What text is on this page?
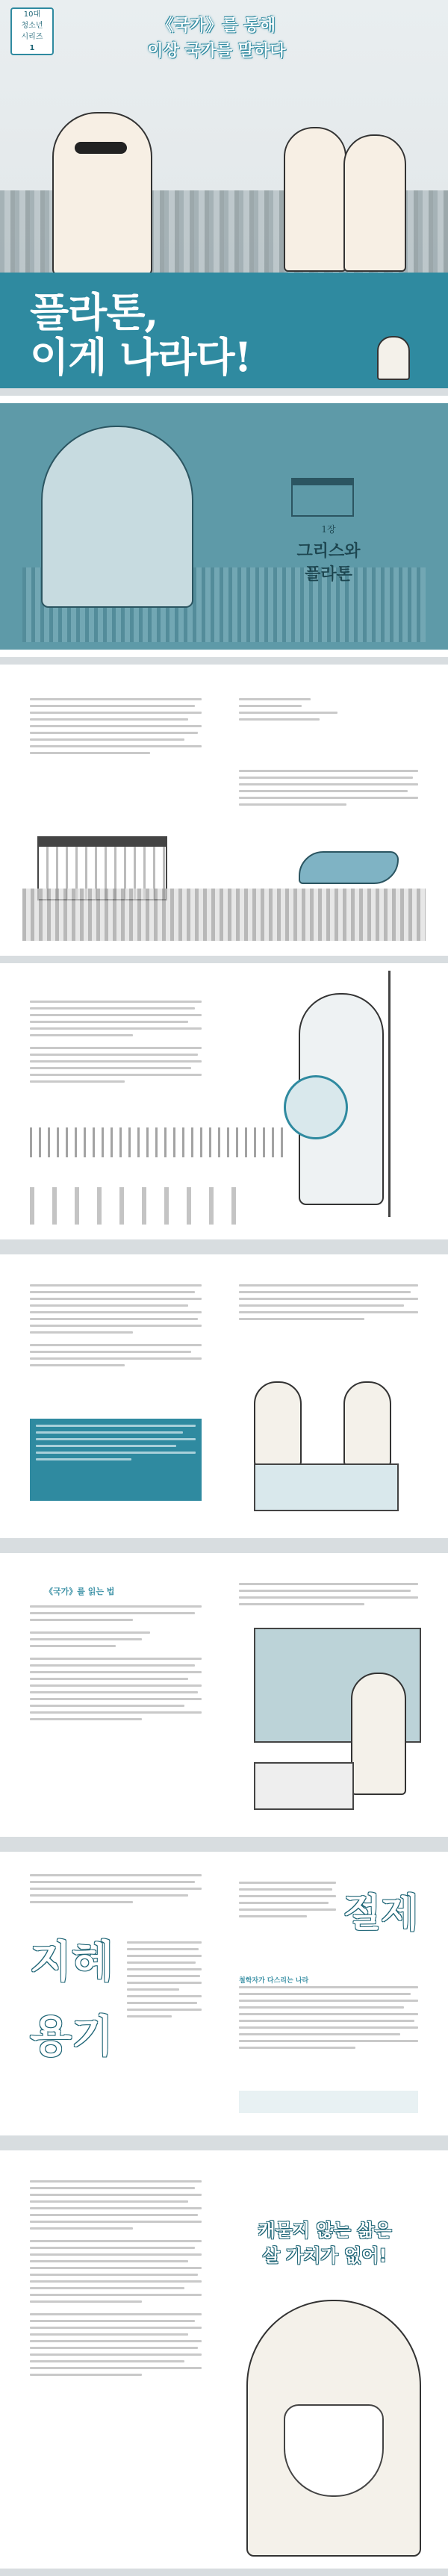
10대
청소년
시리즈
1
《국가》를 통해
이상 국가를 말하다
플라톤,
이게 나라다!
1장
그리스와
플라톤
《국가》를 읽는 법
지혜
용기
절제
철학자가 다스리는 나라
캐묻지 않는 삶은
살 가치가 없어!
